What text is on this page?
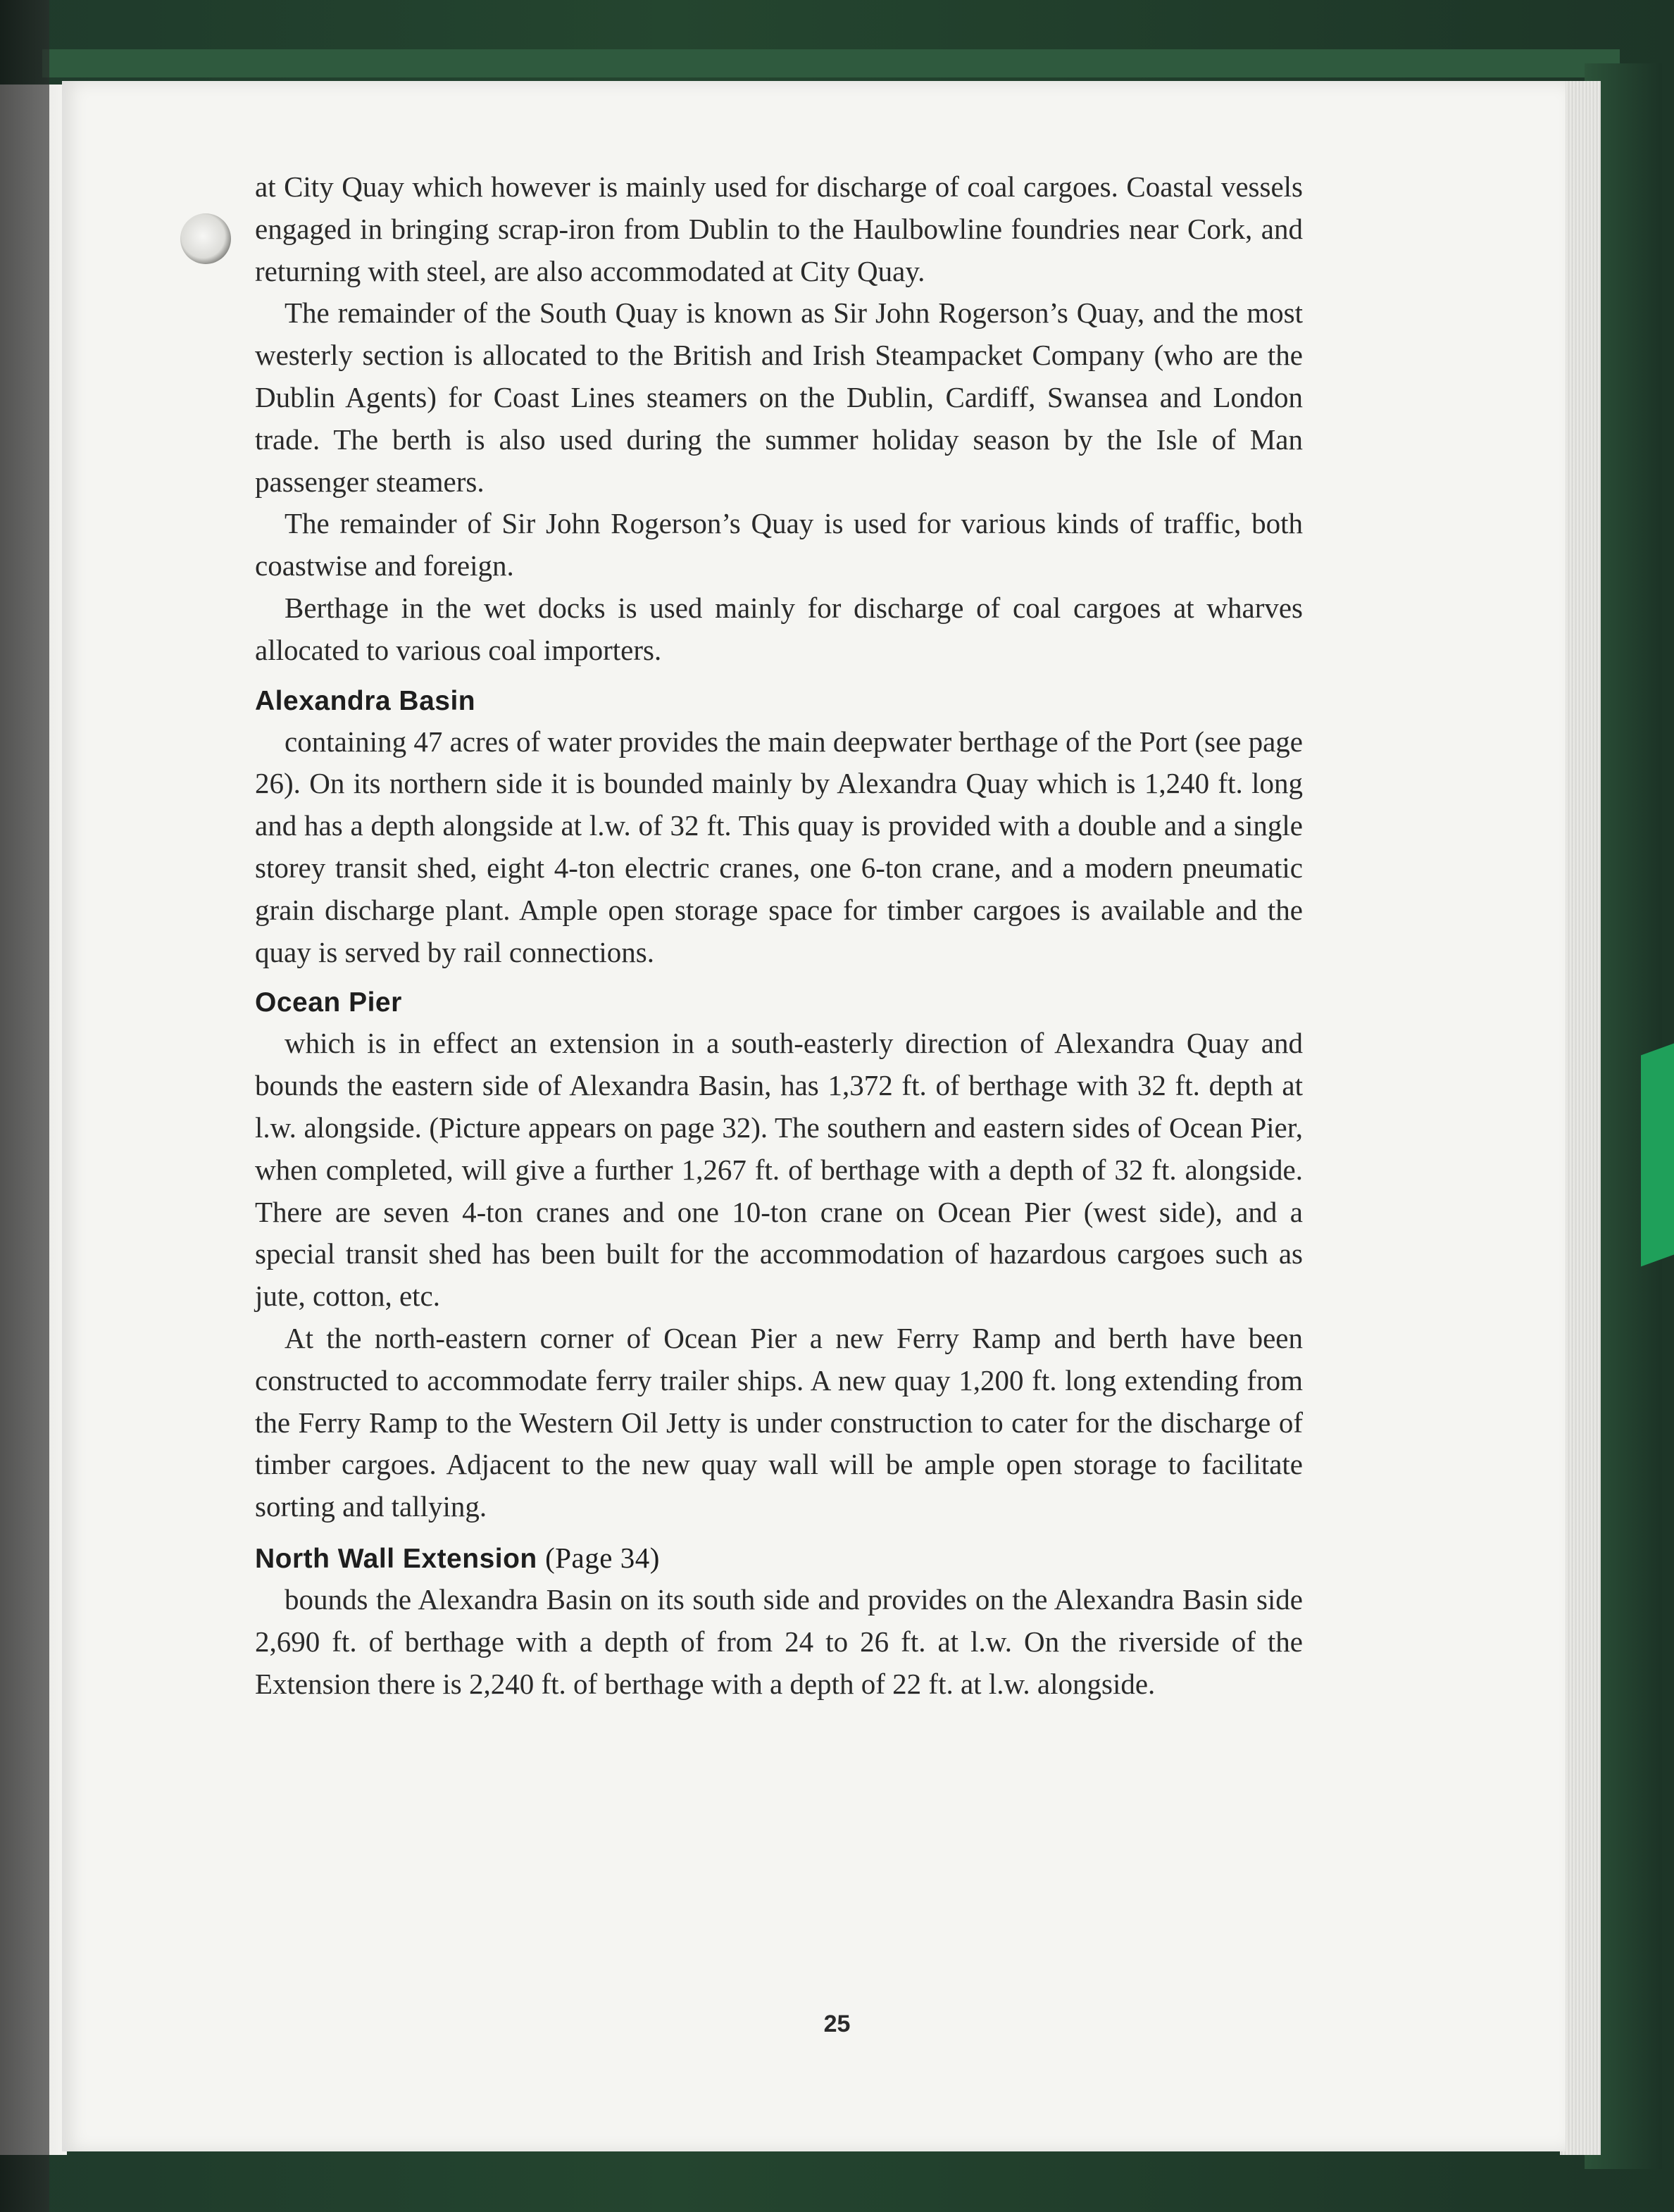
at City Quay which however is mainly used for discharge of coal cargoes. Coastal vessels engaged in bringing scrap-iron from Dublin to the Haulbowline foundries near Cork, and returning with steel, are also accommodated at City Quay.

The remainder of the South Quay is known as Sir John Rogerson’s Quay, and the most westerly section is allocated to the British and Irish Steampacket Company (who are the Dublin Agents) for Coast Lines steamers on the Dublin, Cardiff, Swansea and London trade. The berth is also used during the summer holiday season by the Isle of Man passenger steamers.

The remainder of Sir John Rogerson’s Quay is used for various kinds of traffic, both coastwise and foreign.

Berthage in the wet docks is used mainly for discharge of coal cargoes at wharves allocated to various coal importers.

Alexandra Basin

containing 47 acres of water provides the main deepwater berthage of the Port (see page 26). On its northern side it is bounded mainly by Alexandra Quay which is 1,240 ft. long and has a depth alongside at l.w. of 32 ft. This quay is provided with a double and a single storey transit shed, eight 4-ton electric cranes, one 6-ton crane, and a modern pneumatic grain discharge plant. Ample open storage space for timber cargoes is available and the quay is served by rail connections.

Ocean Pier

which is in effect an extension in a south-easterly direction of Alexandra Quay and bounds the eastern side of Alexandra Basin, has 1,372 ft. of berthage with 32 ft. depth at l.w. alongside. (Picture appears on page 32). The southern and eastern sides of Ocean Pier, when completed, will give a further 1,267 ft. of berthage with a depth of 32 ft. alongside. There are seven 4-ton cranes and one 10-ton crane on Ocean Pier (west side), and a special transit shed has been built for the accommodation of hazardous cargoes such as jute, cotton, etc.

At the north-eastern corner of Ocean Pier a new Ferry Ramp and berth have been constructed to accommodate ferry trailer ships. A new quay 1,200 ft. long extending from the Ferry Ramp to the Western Oil Jetty is under construction to cater for the discharge of timber cargoes. Adjacent to the new quay wall will be ample open storage to facilitate sorting and tallying.

North Wall Extension (Page 34)

bounds the Alexandra Basin on its south side and provides on the Alexandra Basin side 2,690 ft. of berthage with a depth of from 24 to 26 ft. at l.w. On the riverside of the Extension there is 2,240 ft. of berthage with a depth of 22 ft. at l.w. alongside.

25
